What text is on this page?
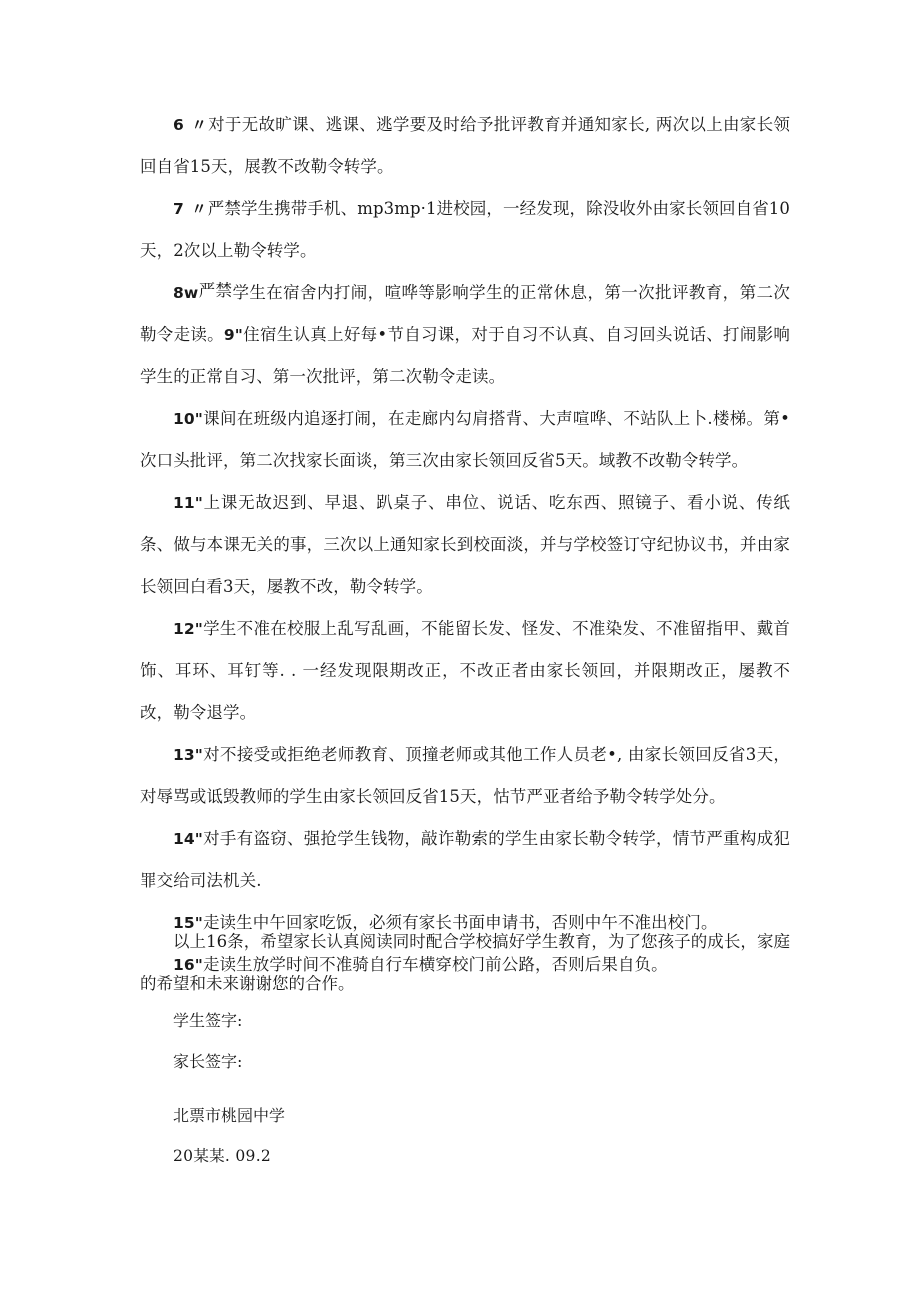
6 〃对于无故旷课、逃课、逃学要及时给予批评教育并通知家长, 两次以上由家长领回自省15天，展教不改勒令转学。

7 〃严禁学生携带手机、mp3mp·1进校园，一经发现，除没收外由家长领回自省10天，2次以上勒令转学。

8w严禁学生在宿舍内打闹，喧哗等影响学生的正常休息，第一次批评教育，第二次勒令走读。9"住宿生认真上好每•节自习课，对于自习不认真、自习回头说话、打闹影响学生的正常自习、第一次批评，第二次勒令走读。

10"课间在班级内追逐打闹，在走廊内勾肩搭背、大声喧哗、不站队上卜.楼梯。第•次口头批评，第二次找家长面谈，第三次由家长领回反省5天。域教不改勒令转学。

11"上课无故迟到、早退、趴桌子、串位、说话、吃东西、照镜子、看小说、传纸条、做与本课无关的事，三次以上通知家长到校面淡，并与学校签订守纪协议书，并由家长领回白看3天，屡教不改，勒令转学。

12"学生不准在校服上乱写乱画，不能留长发、怪发、不准染发、不准留指甲、戴首饰、耳环、耳钉等. . 一经发现限期改正，不改正者由家长领回，并限期改正，屡教不改，勒令退学。

13"对不接受或拒绝老师教育、顶撞老师或其他工作人员老•, 由家长领回反省3天，对辱骂或诋毁教师的学生由家长领回反省15天，怙节严亚者给予勒令转学处分。

14"对手有盗窃、强抢学生钱物，敲诈勒索的学生由家长勒令转学，情节严重构成犯罪交给司法机关.

15"走读生中午回家吃饭，必须有家长书面申请书，否则中午不准出校门。

16"走读生放学时间不准骑自行车横穿校门前公路，否则后果自负。

以上16条，希望家长认真阅读同时配合学校搞好学生教育，为了您孩子的成长，家庭的希望和未来谢谢您的合作。

学生签字:

家长签字:

北票市桃园中学

20某某. 09.2
